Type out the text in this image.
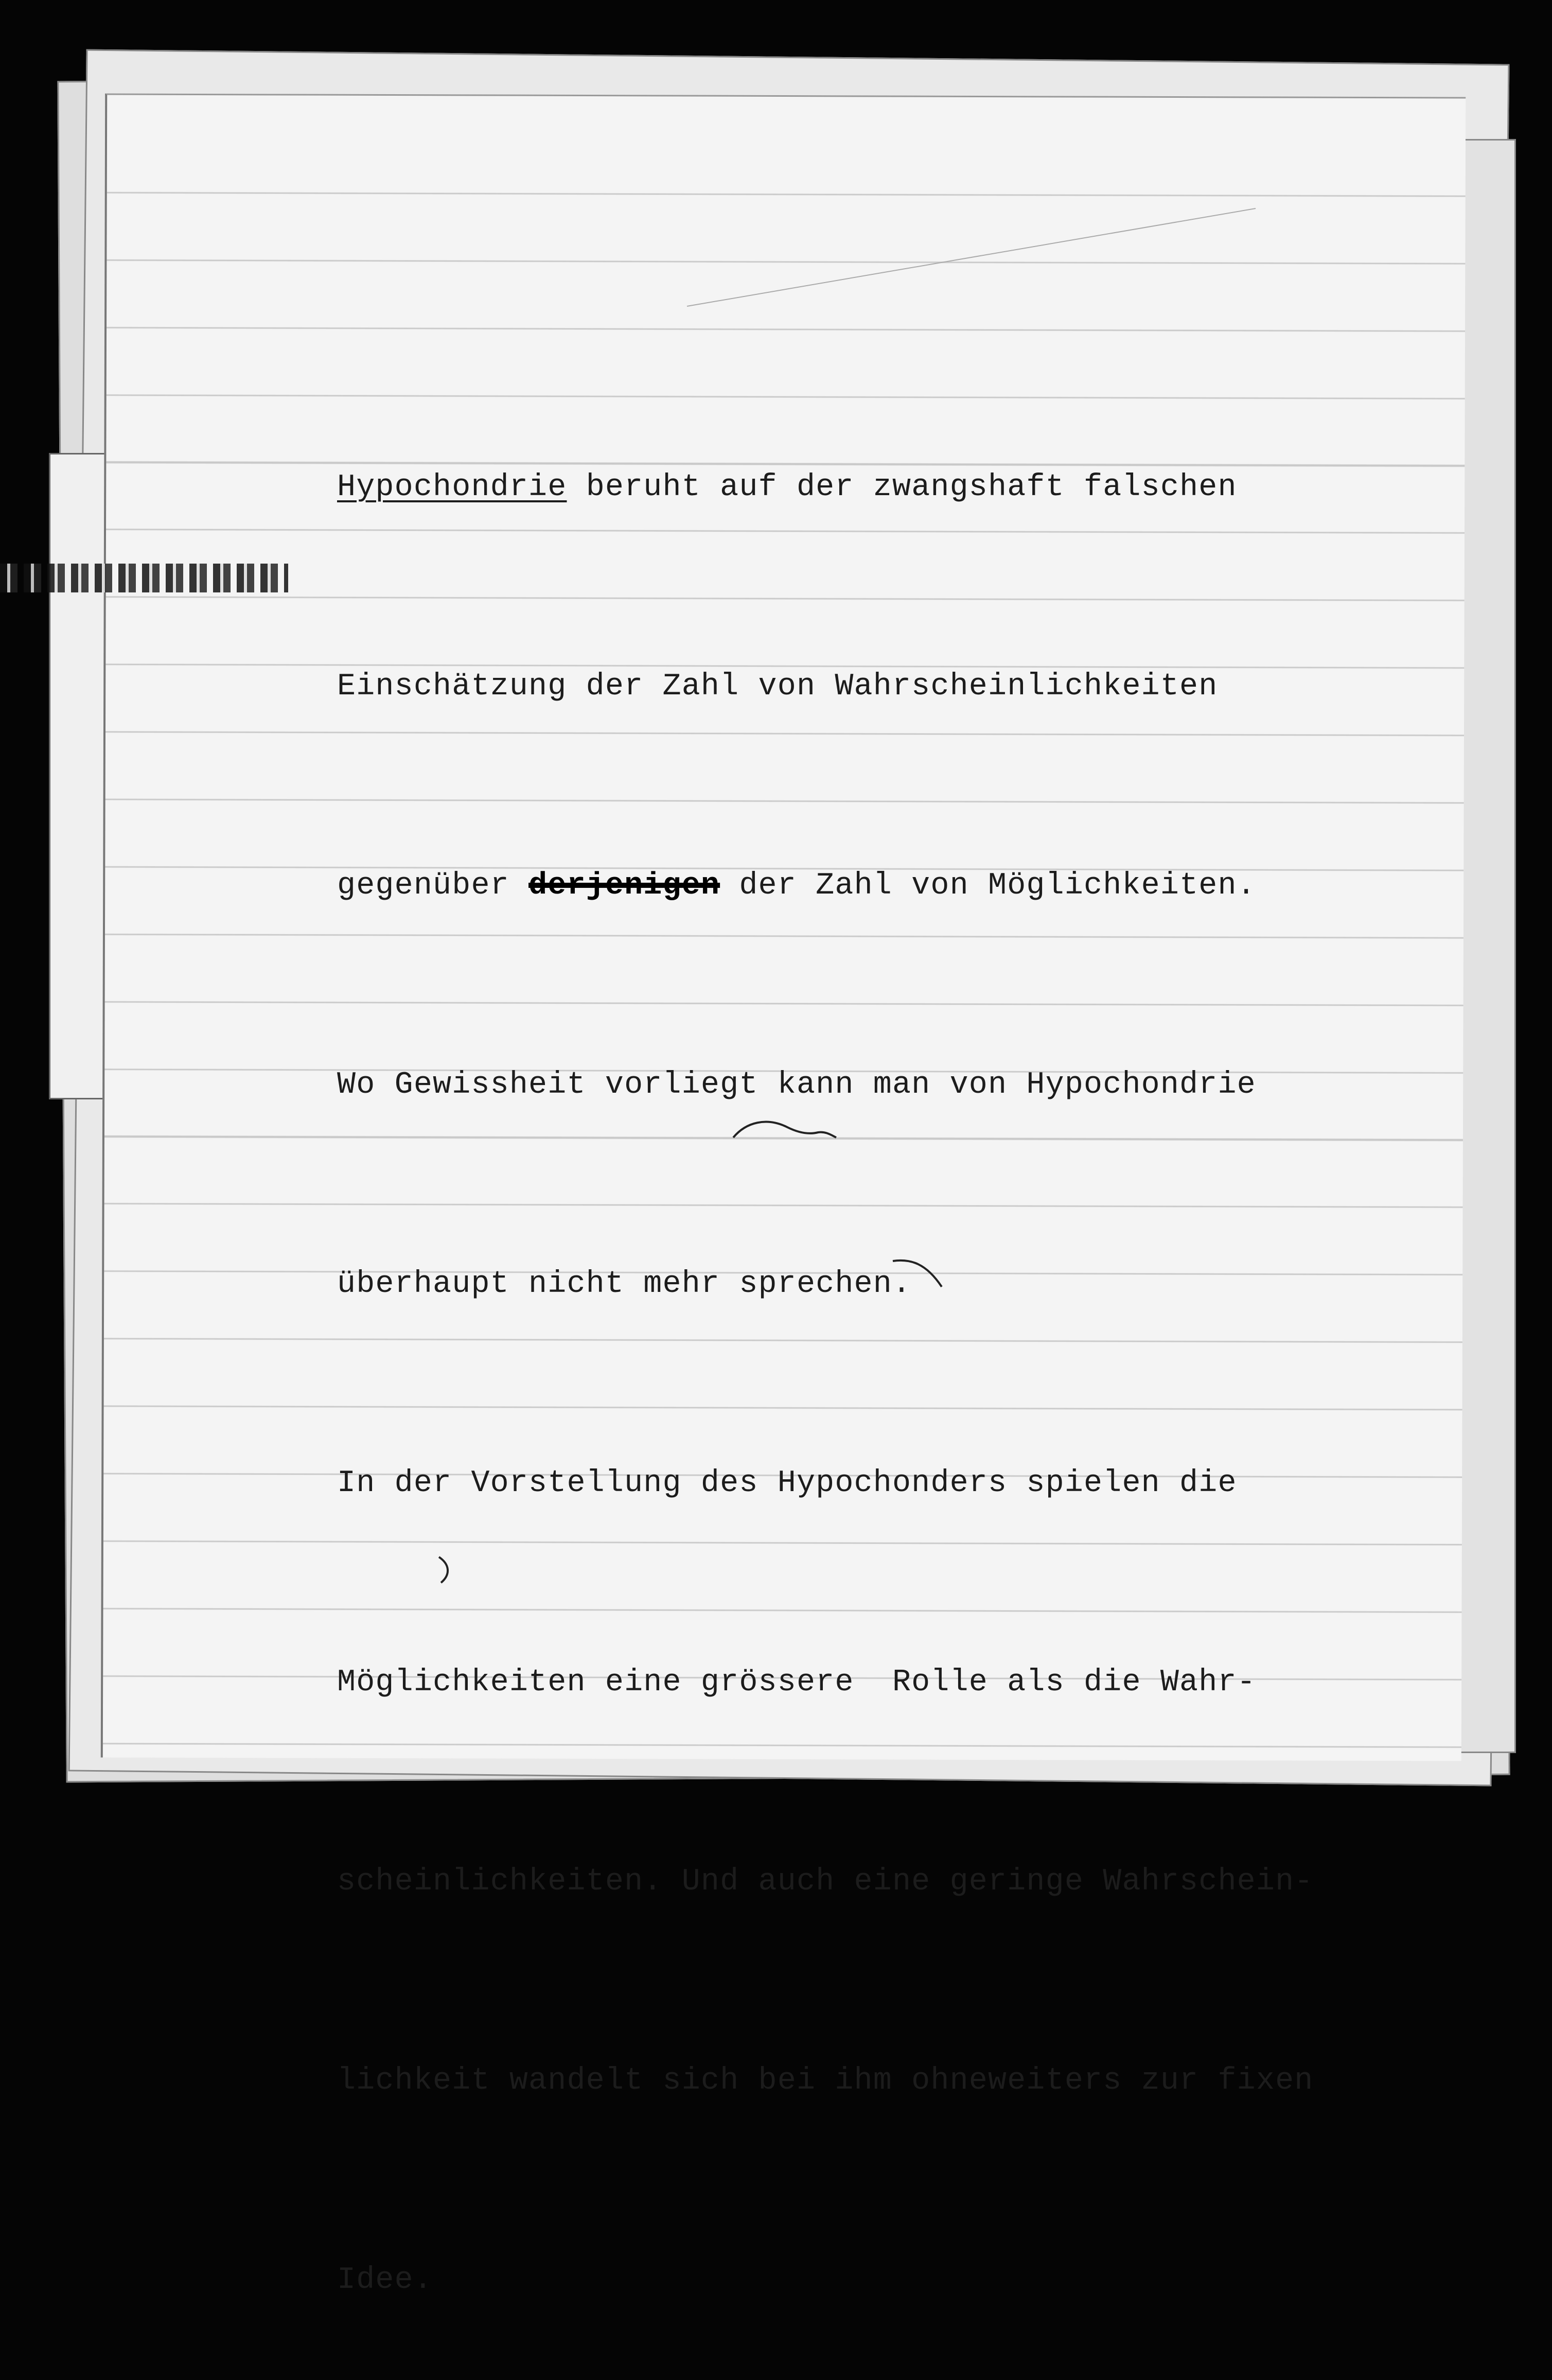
Hypochondrie beruht auf der zwangshaft falschen

Einschätzung der Zahl von Wahrscheinlichkeiten

gegenüber derjenigen der Zahl von Möglichkeiten.

Wo Gewissheit vorliegt kann man von Hypochondrie

überhaupt nicht mehr sprechen.

In der Vorstellung des Hypochonders spielen die

Möglichkeiten eine grössere  Rolle als die Wahr-

scheinlichkeiten. Und auch eine geringe Wahrschein-

lichkeit wandelt sich bei ihm ohneweiters zur fixen

Idee.
